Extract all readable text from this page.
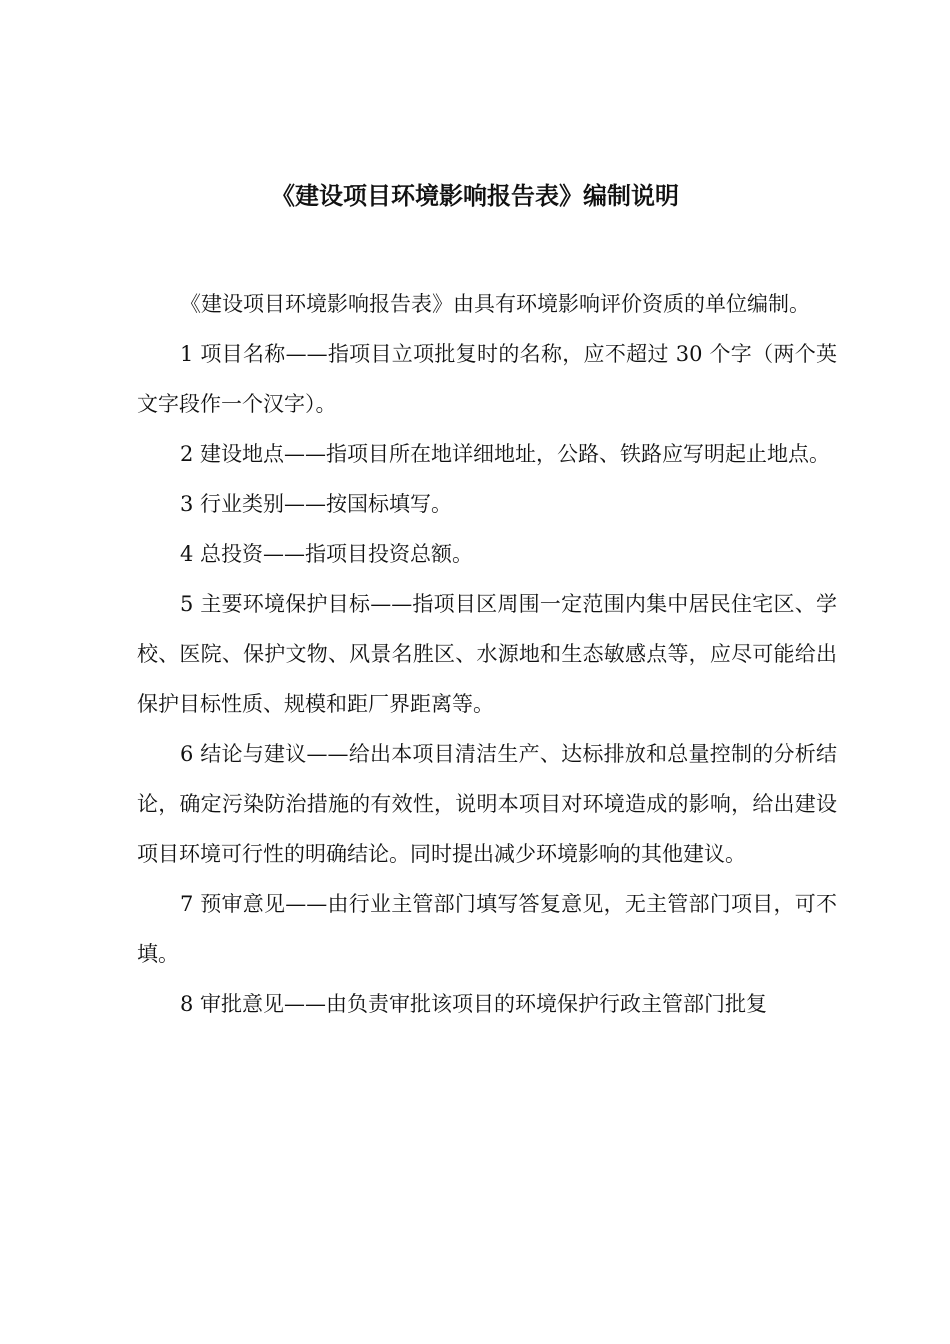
《建设项目环境影响报告表》编制说明

《建设项目环境影响报告表》由具有环境影响评价资质的单位编制。

1 项目名称——指项目立项批复时的名称，应不超过 30 个字（两个英文字段作一个汉字）。

2 建设地点——指项目所在地详细地址，公路、铁路应写明起止地点。

3 行业类别——按国标填写。

4 总投资——指项目投资总额。

5 主要环境保护目标——指项目区周围一定范围内集中居民住宅区、学校、医院、保护文物、风景名胜区、水源地和生态敏感点等，应尽可能给出保护目标性质、规模和距厂界距离等。

6 结论与建议——给出本项目清洁生产、达标排放和总量控制的分析结论，确定污染防治措施的有效性，说明本项目对环境造成的影响，给出建设项目环境可行性的明确结论。同时提出减少环境影响的其他建议。

7 预审意见——由行业主管部门填写答复意见，无主管部门项目，可不填。

8 审批意见——由负责审批该项目的环境保护行政主管部门批复
